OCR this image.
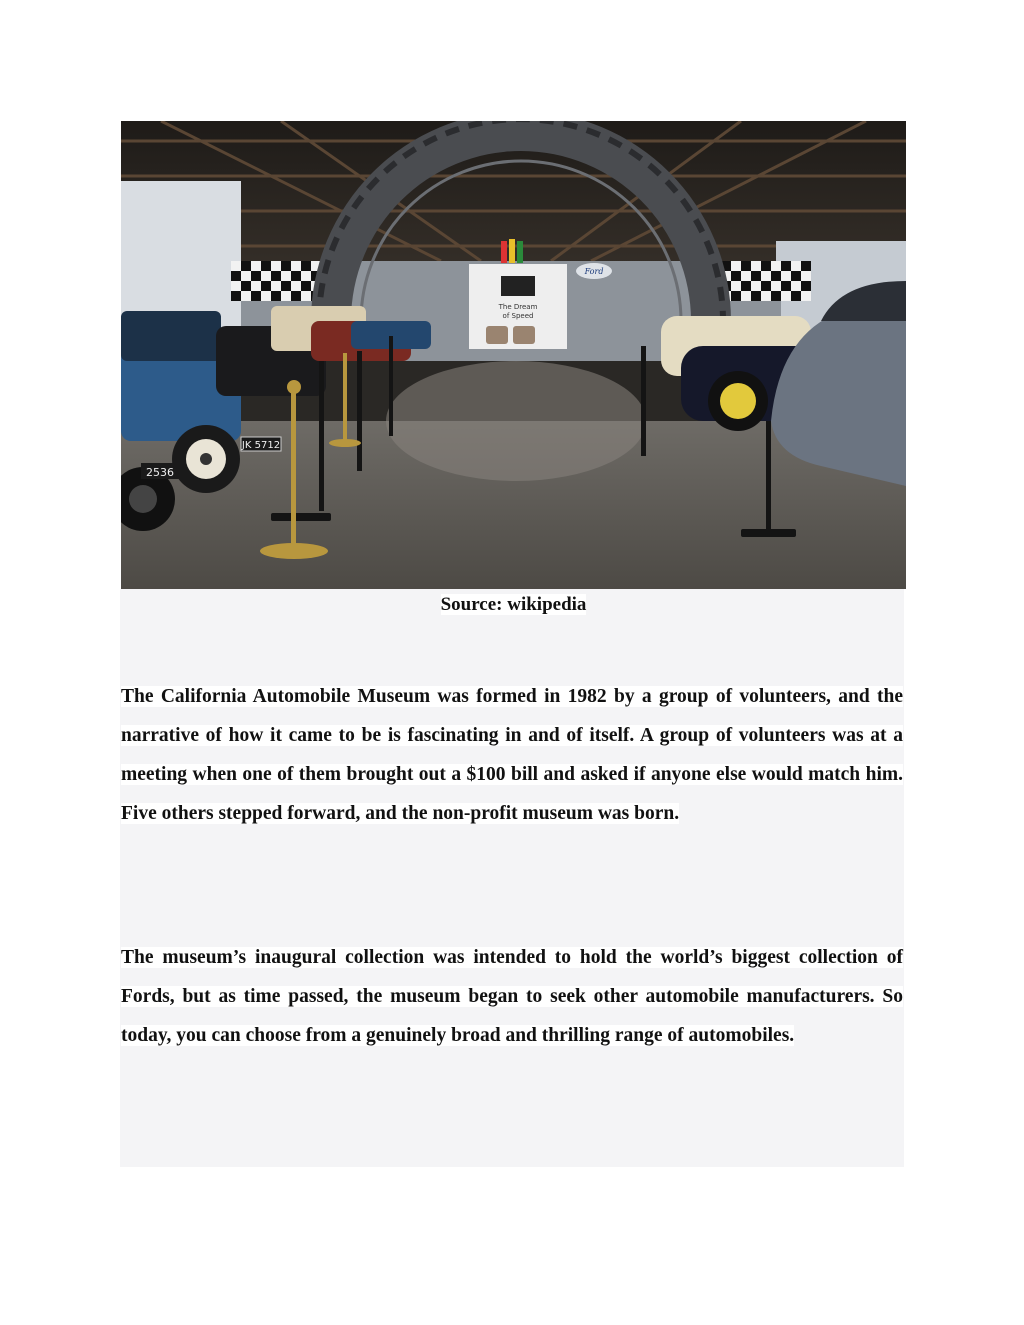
The Dream
of Speed
Ford
JK 5712
2536
Source: wikipedia

The California Automobile Museum was formed in 1982 by a group of volunteers, and the narrative of how it came to be is fascinating in and of itself. A group of volunteers was at a meeting when one of them brought out a $100 bill and asked if anyone else would match him. Five others stepped forward, and the non-profit museum was born.

The museum’s inaugural collection was intended to hold the world’s biggest collection of Fords, but as time passed, the museum began to seek other automobile manufacturers. So today, you can choose from a genuinely broad and thrilling range of automobiles.
